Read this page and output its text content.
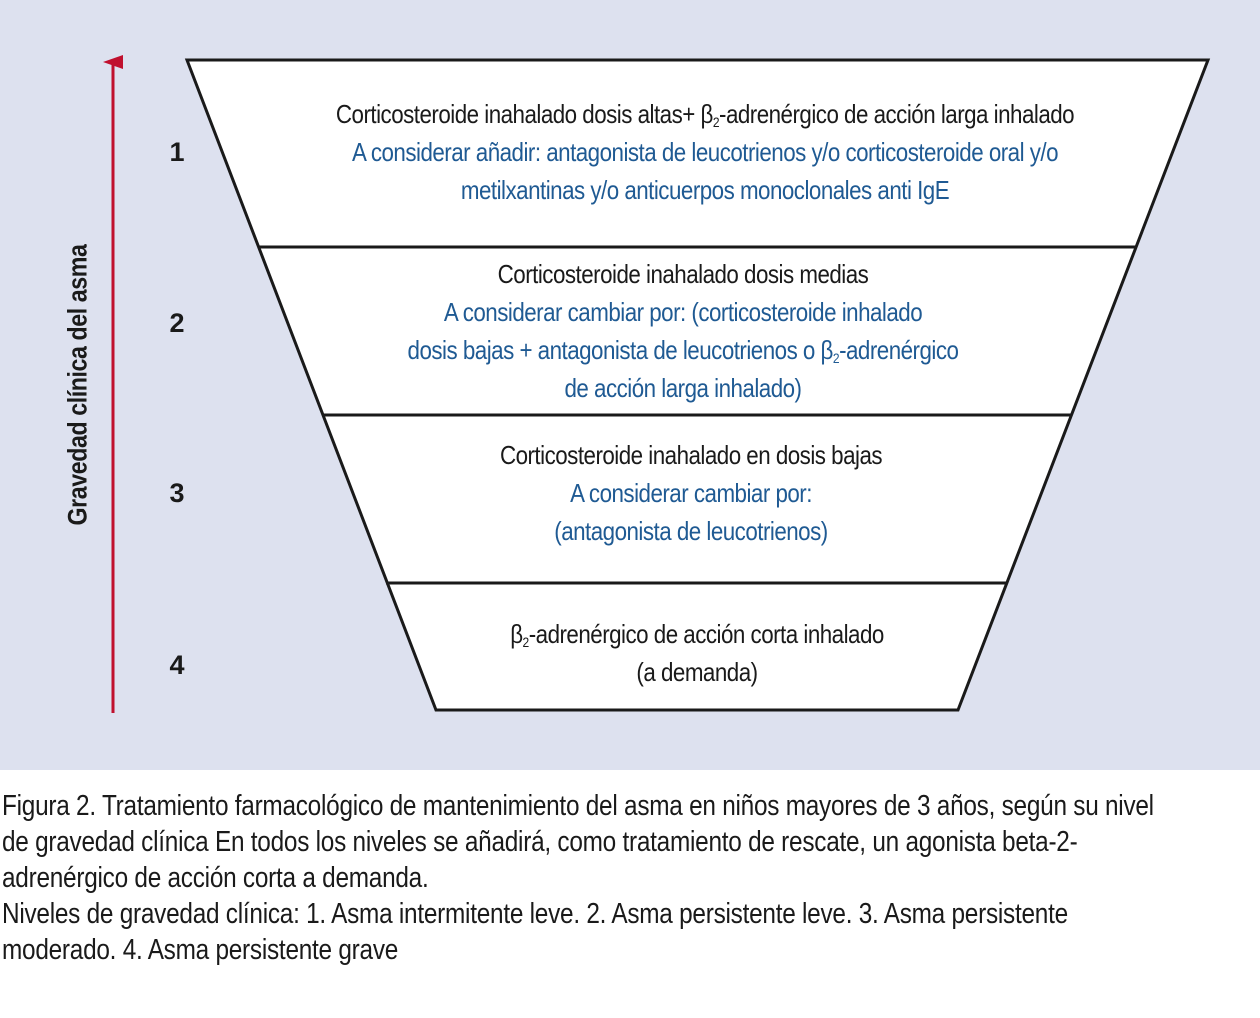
Gravedad clínica del asma
1
2
3
4
Corticosteroide inahalado dosis altas+ $\beta_2$-adrenérgico de acción larga inhalado
A considerar añadir: antagonista de leucotrienos y/o corticosteroide oral y/o
metilxantinas y/o anticuerpos monoclonales anti IgE
Corticosteroide inahalado dosis medias
A considerar cambiar por: (corticosteroide inhalado
dosis bajas + antagonista de leucotrienos o $\beta_2$-adrenérgico
de acción larga inhalado)
Corticosteroide inahalado en dosis bajas
A considerar cambiar por:
(antagonista de leucotrienos)
$\beta_2$-adrenérgico de acción corta inhalado
(a demanda)

Figura 2. Tratamiento farmacológico de mantenimiento del asma en niños mayores de 3 años, según su nivel de gravedad clínica En todos los niveles se añadirá, como tratamiento de rescate, un agonista beta-2-adrenérgico de acción corta a demanda.

Niveles de gravedad clínica: 1. Asma intermitente leve. 2. Asma persistente leve. 3. Asma persistente moderado. 4. Asma persistente grave
